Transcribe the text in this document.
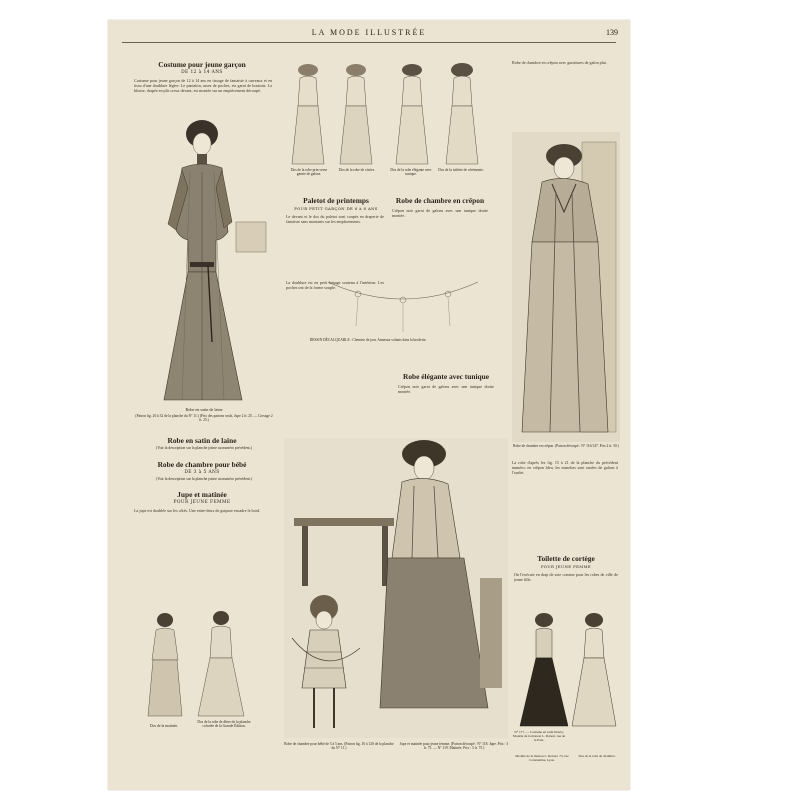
LA MODE ILLUSTRÉE	139
Costume pour jeune garçon
DE 12 à 14 ANS
Costume pour jeune garçon de 12 à 14 ans en tissage de fantaisie à carreaux et en tissu d'une doublure légère. Le pantalon, assez de poches, est garni de boutons. La blouse, drapée en plis creux devant, est montée sur un empiècement découpé.
Robe en satin de laine
(Patron fig. 26 à 32 de la planche du N° 11.) (Prix des patrons seuls, Jupe 2 fr. 25. — Corsage 2 fr. 25.)
Robe en satin de laine
(Voir la description sur la planche jointe au numéro précédent.)
Robe de chambre pour bébé
DE 3 à 5 ANS
(Voir la description sur la planche jointe au numéro précédent.)
Jupe et matinée
POUR JEUNE FEMME
La jupe est doublée sur les côtés. Une entre-deux de guipure encadre le bord.
Dos de la matinée.
Dos de la robe de dîner de la planche coloriée de la Grande Édition.
Dos de la robe prin-cesse garnie de galons.
Dos de la robe de visites.	Dos de la robe élégante avec tunique.
Dos de la toilette de cérémonie.
Paletot de printemps
POUR PETIT GARÇON DE 6 à 8 ANS
Le devant et le dos du paletot sont coupés en draperie de fantaisie sans montants sur les emplacements.
La doublure est en petit lainage soutenu à l'intérieur. Les poches ont de la forme souple.
Robe de chambre en crêpon
Crêpon noir garni de galons avec une tunique droite montée.
DESSIN DÉCALQUABLE : Chemise de jour. Anneaux volants dans la broderie.
Robe élégante avec tunique
Crêpon noir garni de galons avec une tunique droite montée.
Robe de chambre pour bébé de 3 à 5 ans. (Patron fig. 10 à 120 de la planche du N° 11.)
Jupe et matinée pour jeune femme. (Patron découpé : N° 118. Jupe. Prix : 3 fr. 75. — N° 119. Matinée. Prix : 3 fr. 75.)
Robe de chambre en crêpon avec garnitures de galon plat.
Robe de chambre en crêpon. (Patron découpé : N° 116/147. Prix 2 fr. 50.)
La robe d'après les fig. 15 à 21 de la planche du précédent numéro; en crêpon bleu, les manches sont ornées de galons à l'ourlet.
Toilette de cortège
POUR JEUNE FEMME
On l'exécute en drap de soie comme pour les robes de ville de jeune fille.
N° 177. — Costume en satin liberty, Modèle de la maison L. Robert, rue de la Paix.
Modèle de la maison L. Robert, 73, rue Constantine, Lyon.
Dos de la robe de chambre.
